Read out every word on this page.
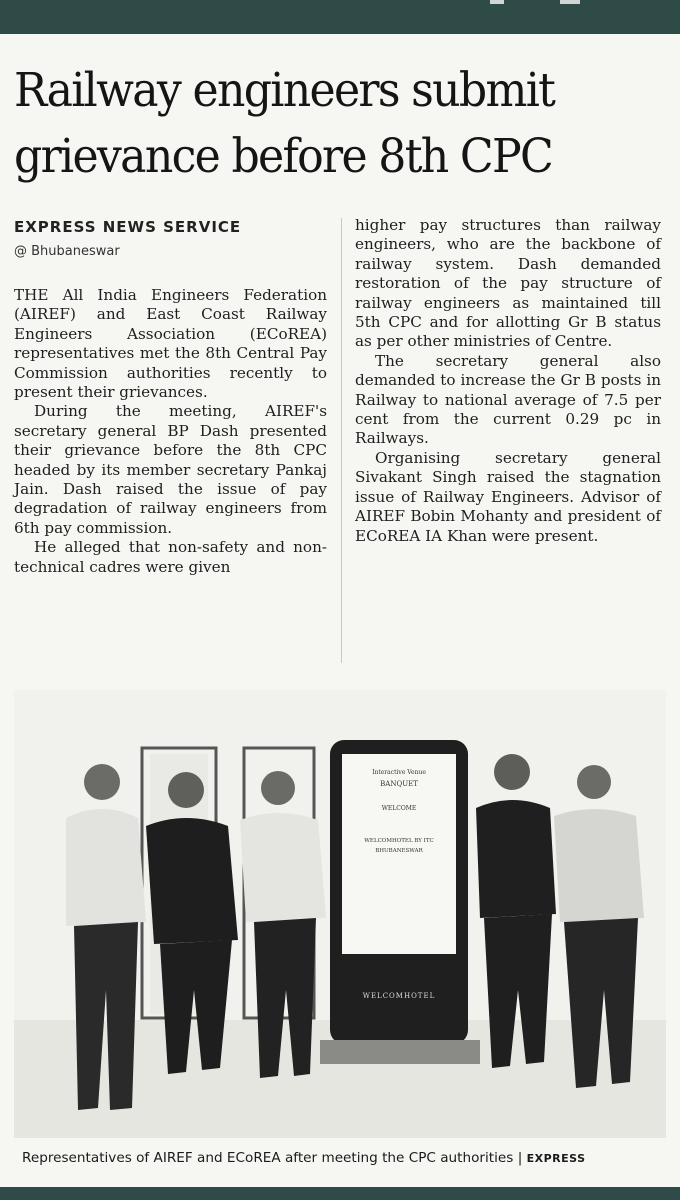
Railway engineers submit
grievance before 8th CPC
EXPRESS NEWS SERVICE
@ Bhubaneswar

THE All India Engineers Federation (AIREF) and East Coast Railway Engineers Association (ECoREA) representatives met the 8th Central Pay Commission authorities recently to present their grievances.

During the meeting, AIREF's secretary general BP Dash presented their grievance before the 8th CPC headed by its member secretary Pankaj Jain. Dash raised the issue of pay degradation of railway engineers from 6th pay commission.

He alleged that non-safety and non-technical cadres were given

higher pay structures than railway engineers, who are the backbone of railway system. Dash demanded restoration of the pay structure of railway engineers as maintained till 5th CPC and for allotting Gr B status as per other ministries of Centre.

The secretary general also demanded to increase the Gr B posts in Railway to national average of 7.5 per cent from the current 0.29 pc in Railways.

Organising secretary general Sivakant Singh raised the stagnation issue of Railway Engineers. Advisor of AIREF Bobin Mohanty and president of ECoREA IA Khan were present.

Interactive Venue
BANQUET
WELCOME
WELCOMHOTEL BY ITC
BHUBANESWAR
WELCOMHOTEL
Representatives of AIREF and ECoREA after meeting the CPC authorities | EXPRESS
